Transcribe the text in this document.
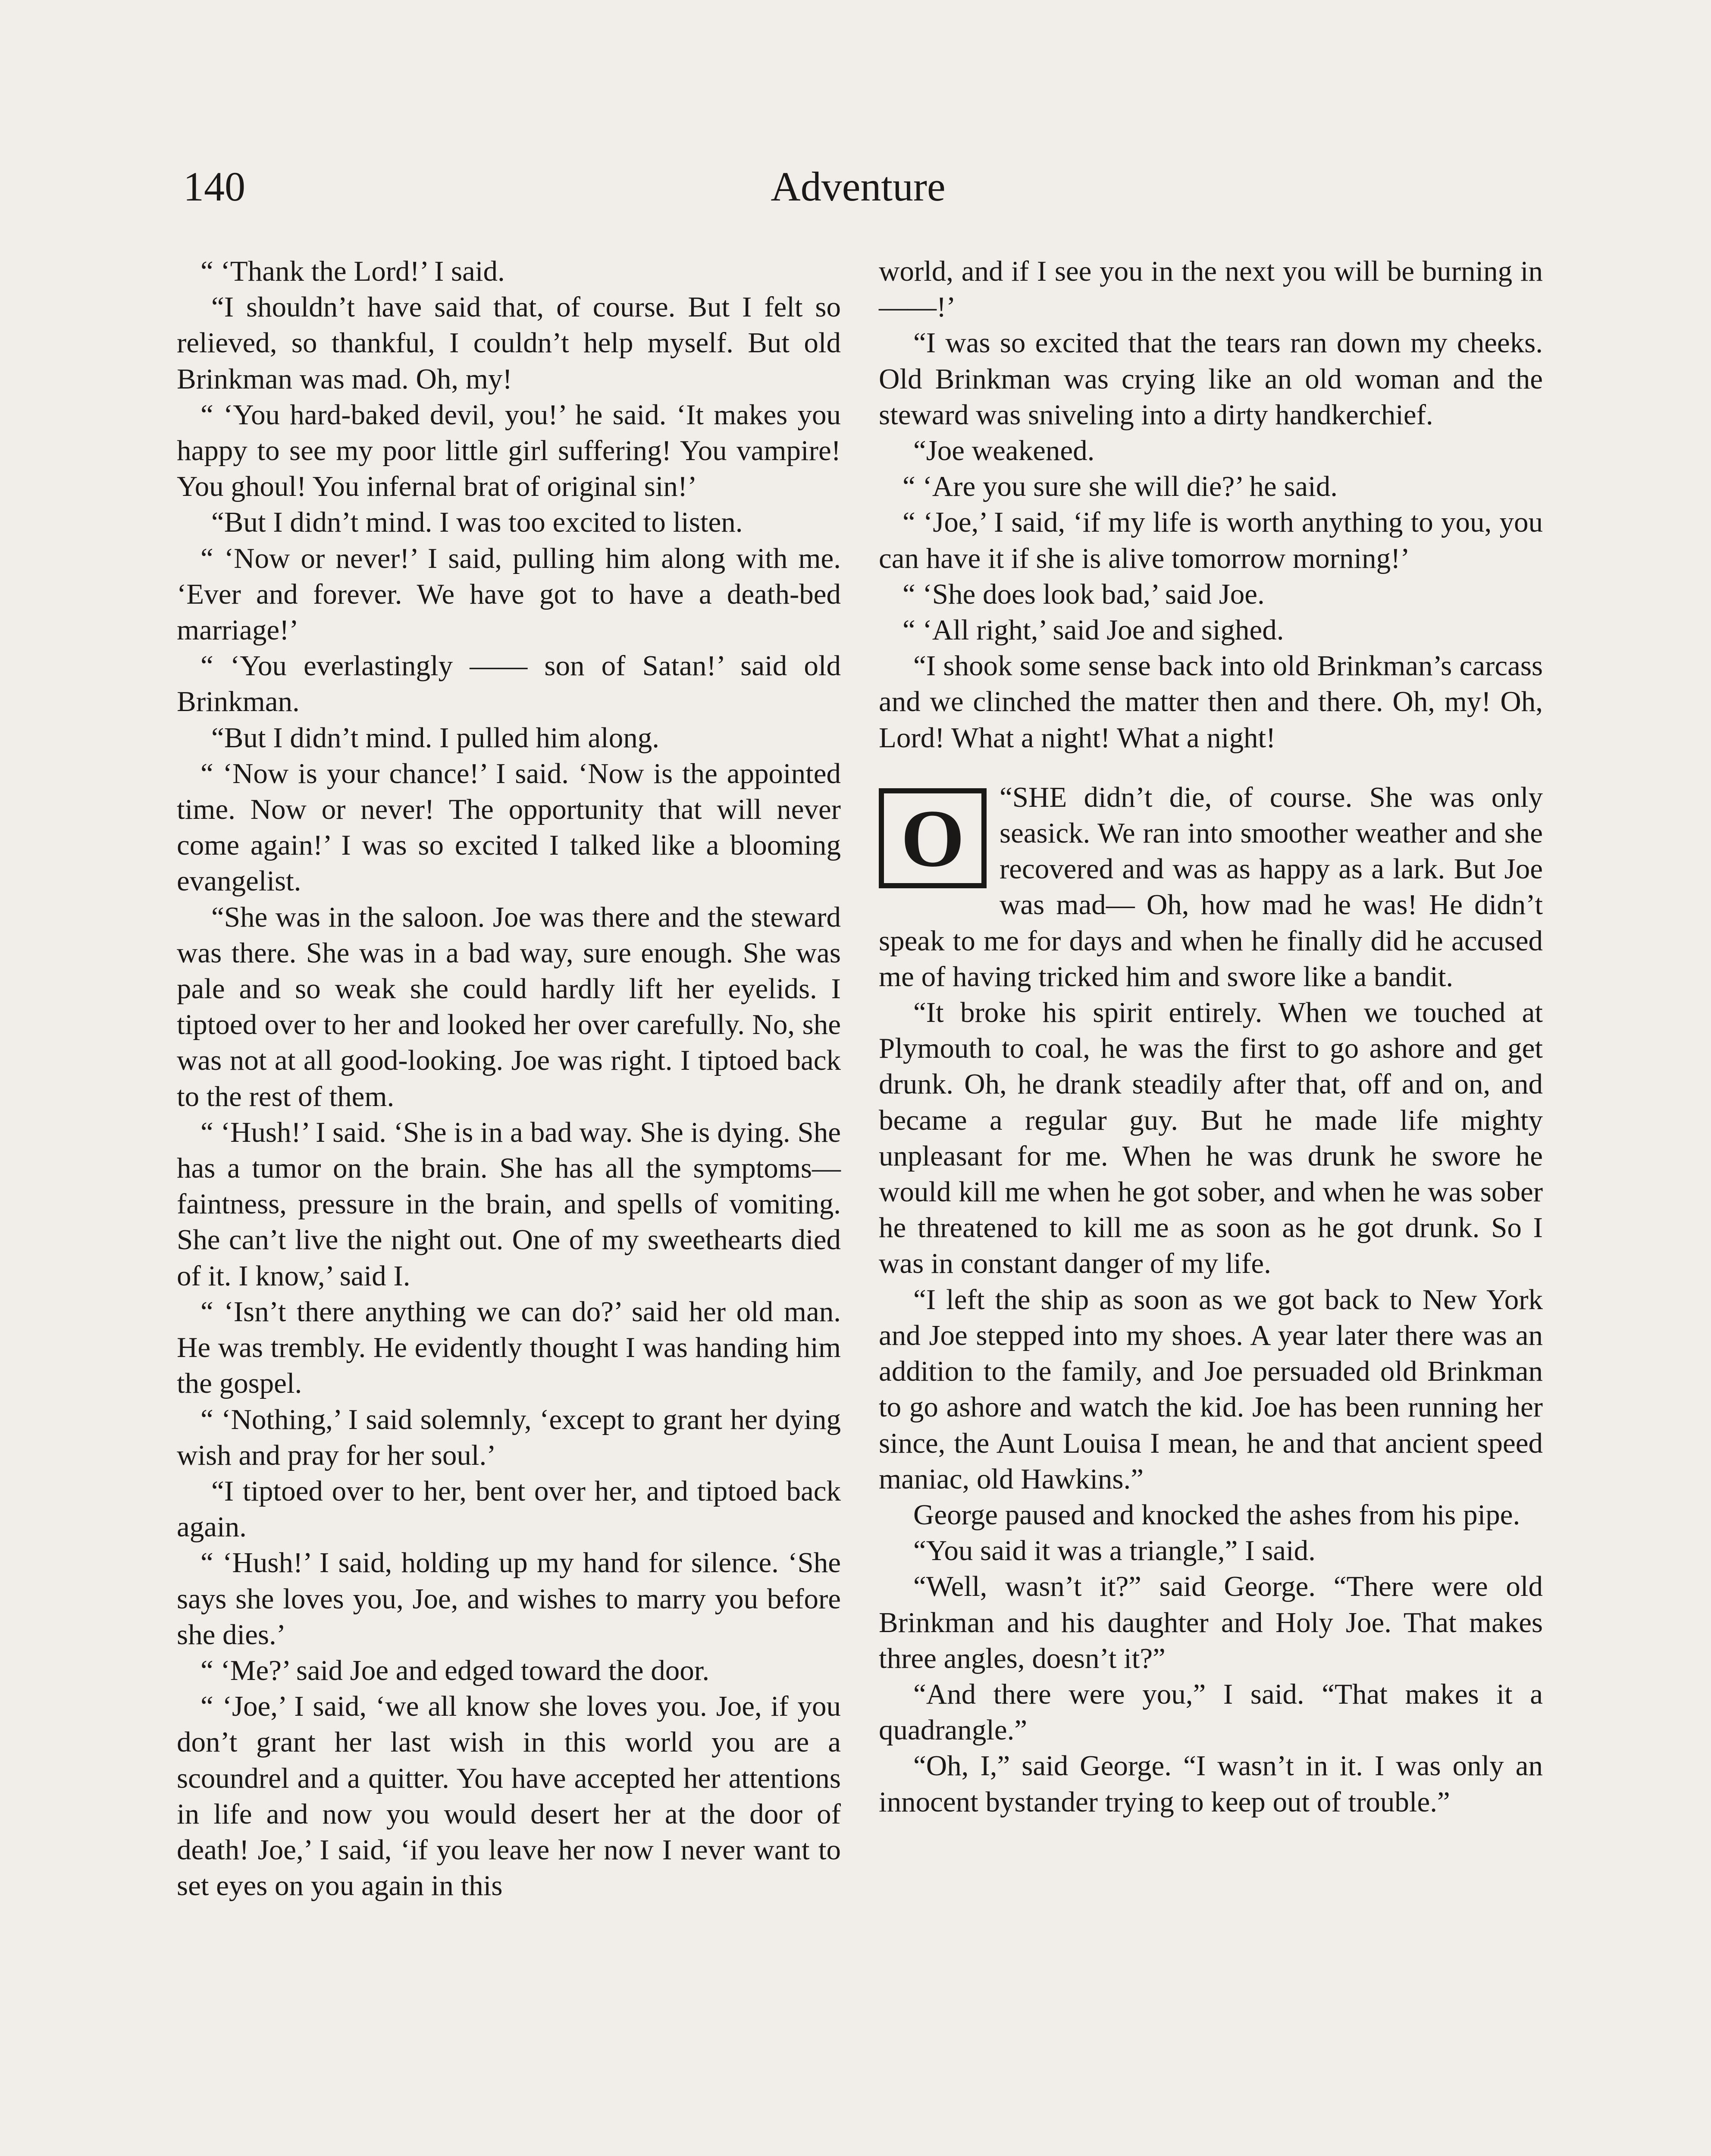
140	Adventure

“ ‘Thank the Lord!’ I said.

“I shouldn’t have said that, of course. But I felt so relieved, so thankful, I couldn’t help myself. But old Brinkman was mad. Oh, my!

“ ‘You hard-baked devil, you!’ he said. ‘It makes you happy to see my poor little girl suffering! You vampire! You ghoul! You infernal brat of original sin!’

“But I didn’t mind. I was too excited to listen.

“ ‘Now or never!’ I said, pulling him along with me. ‘Ever and forever. We have got to have a death-bed marriage!’

“ ‘You everlastingly —— son of Satan!’ said old Brinkman.

“But I didn’t mind. I pulled him along.

“ ‘Now is your chance!’ I said. ‘Now is the appointed time. Now or never! The opportunity that will never come again!’ I was so excited I talked like a blooming evangelist.

“She was in the saloon. Joe was there and the steward was there. She was in a bad way, sure enough. She was pale and so weak she could hardly lift her eyelids. I tiptoed over to her and looked her over carefully. No, she was not at all good-looking. Joe was right. I tiptoed back to the rest of them.

“ ‘Hush!’ I said. ‘She is in a bad way. She is dying. She has a tumor on the brain. She has all the symptoms—faintness, pressure in the brain, and spells of vomiting. She can’t live the night out. One of my sweethearts died of it. I know,’ said I.

“ ‘Isn’t there anything we can do?’ said her old man. He was trembly. He evidently thought I was handing him the gospel.

“ ‘Nothing,’ I said solemnly, ‘except to grant her dying wish and pray for her soul.’

“I tiptoed over to her, bent over her, and tiptoed back again.

“ ‘Hush!’ I said, holding up my hand for silence. ‘She says she loves you, Joe, and wishes to marry you before she dies.’

“ ‘Me?’ said Joe and edged toward the door.

“ ‘Joe,’ I said, ‘we all know she loves you. Joe, if you don’t grant her last wish in this world you are a scoundrel and a quitter. You have accepted her attentions in life and now you would desert her at the door of death! Joe,’ I said, ‘if you leave her now I never want to set eyes on you again in this

world, and if I see you in the next you will be burning in ——!’

“I was so excited that the tears ran down my cheeks. Old Brinkman was crying like an old woman and the steward was sniveling into a dirty handkerchief.

“Joe weakened.

“ ‘Are you sure she will die?’ he said.

“ ‘Joe,’ I said, ‘if my life is worth anything to you, you can have it if she is alive tomorrow morning!’

“ ‘She does look bad,’ said Joe.

“ ‘All right,’ said Joe and sighed.

“I shook some sense back into old Brinkman’s carcass and we clinched the matter then and there. Oh, my! Oh, Lord! What a night! What a night!

O	“SHE didn’t die, of course. She was only seasick. We ran into smoother weather and she recovered and was as happy as a lark. But Joe was mad— Oh, how mad he was! He didn’t speak to me for days and when he finally did he accused me of having tricked him and swore like a bandit.

“It broke his spirit entirely. When we touched at Plymouth to coal, he was the first to go ashore and get drunk. Oh, he drank steadily after that, off and on, and became a regular guy. But he made life mighty unpleasant for me. When he was drunk he swore he would kill me when he got sober, and when he was sober he threatened to kill me as soon as he got drunk. So I was in constant danger of my life.

“I left the ship as soon as we got back to New York and Joe stepped into my shoes. A year later there was an addition to the family, and Joe persuaded old Brinkman to go ashore and watch the kid. Joe has been running her since, the Aunt Louisa I mean, he and that ancient speed maniac, old Hawkins.”

George paused and knocked the ashes from his pipe.

“You said it was a triangle,” I said.

“Well, wasn’t it?” said George. “There were old Brinkman and his daughter and Holy Joe. That makes three angles, doesn’t it?”

“And there were you,” I said. “That makes it a quadrangle.”

“Oh, I,” said George. “I wasn’t in it. I was only an innocent bystander trying to keep out of trouble.”
